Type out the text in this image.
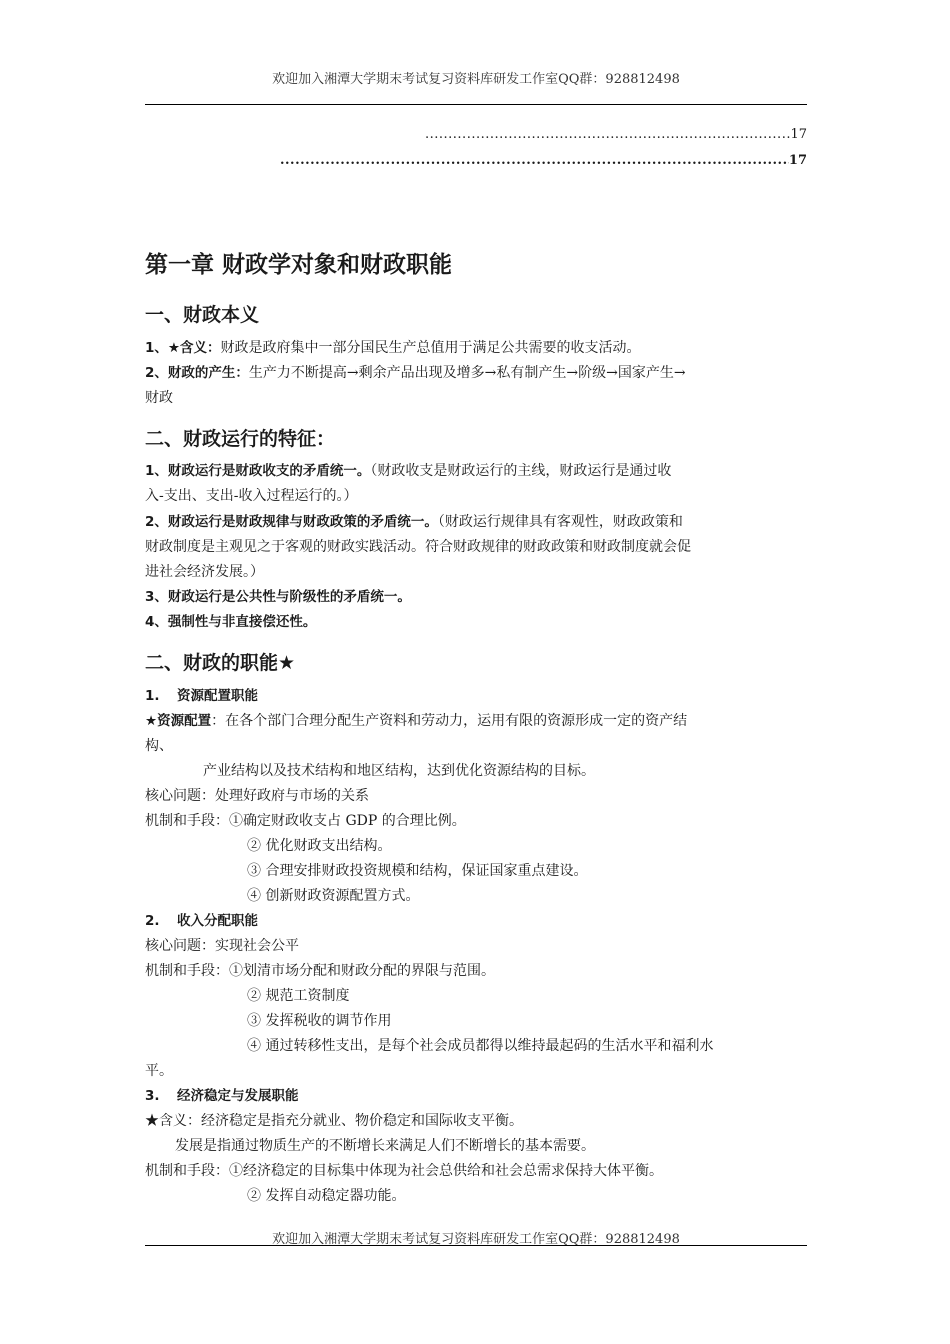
欢迎加入湘潭大学期末考试复习资料库研发工作室QQ群：928812498
.....
17
.....
17
第一章 财政学对象和财政职能
一、财政本义

1、★含义：财政是政府集中一部分国民生产总值用于满足公共需要的收支活动。

2、财政的产生：生产力不断提高→剩余产品出现及增多→私有制产生→阶级→国家产生→

财政

二、财政运行的特征：

1、财政运行是财政收支的矛盾统一。（财政收支是财政运行的主线，财政运行是通过收

入-支出、支出-收入过程运行的。）

2、财政运行是财政规律与财政政策的矛盾统一。（财政运行规律具有客观性，财政政策和

财政制度是主观见之于客观的财政实践活动。符合财政规律的财政政策和财政制度就会促

进社会经济发展。）

3、财政运行是公共性与阶级性的矛盾统一。

4、强制性与非直接偿还性。

二、财政的职能★

1. 资源配置职能

★资源配置：在各个部门合理分配生产资料和劳动力，运用有限的资源形成一定的资产结

构、

产业结构以及技术结构和地区结构，达到优化资源结构的目标。

核心问题：处理好政府与市场的关系

机制和手段：①确定财政收支占 GDP 的合理比例。

② 优化财政支出结构。

③ 合理安排财政投资规模和结构，保证国家重点建设。

④ 创新财政资源配置方式。

2. 收入分配职能

核心问题：实现社会公平

机制和手段：①划清市场分配和财政分配的界限与范围。

② 规范工资制度

③ 发挥税收的调节作用

④ 通过转移性支出，是每个社会成员都得以维持最起码的生活水平和福利水

平。

3. 经济稳定与发展职能

★含义：经济稳定是指充分就业、物价稳定和国际收支平衡。

发展是指通过物质生产的不断增长来满足人们不断增长的基本需要。

机制和手段：①经济稳定的目标集中体现为社会总供给和社会总需求保持大体平衡。

② 发挥自动稳定器功能。

欢迎加入湘潭大学期末考试复习资料库研发工作室QQ群：928812498
